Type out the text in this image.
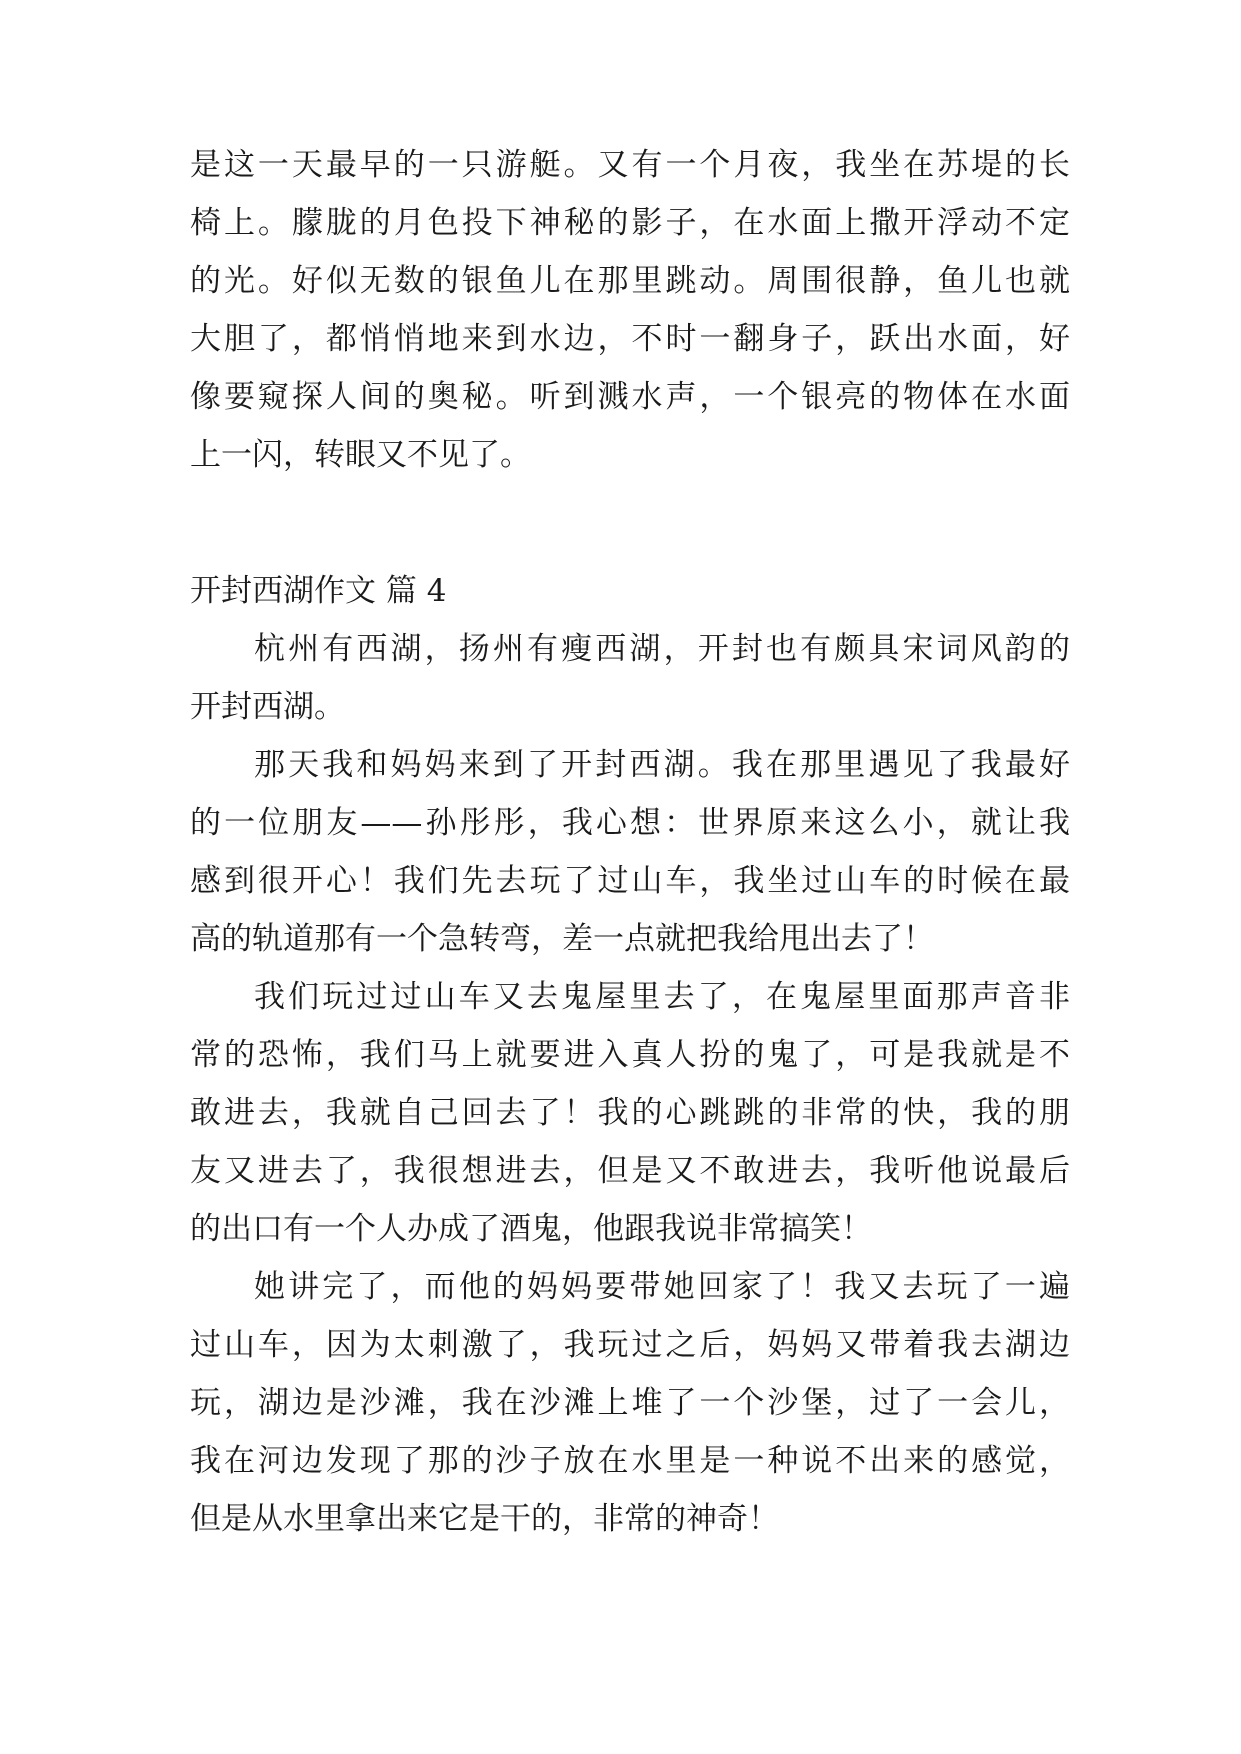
是这一天最早的一只游艇。又有一个月夜，我坐在苏堤的长
椅上。朦胧的月色投下神秘的影子，在水面上撒开浮动不定
的光。好似无数的银鱼儿在那里跳动。周围很静，鱼儿也就
大胆了，都悄悄地来到水边，不时一翻身子，跃出水面，好
像要窥探人间的奥秘。听到溅水声，一个银亮的物体在水面
上一闪，转眼又不见了。
开封西湖作文 篇 4
杭州有西湖，扬州有瘦西湖，开封也有颇具宋词风韵的
开封西湖。
那天我和妈妈来到了开封西湖。我在那里遇见了我最好
的一位朋友——孙彤彤，我心想：世界原来这么小，就让我
感到很开心！我们先去玩了过山车，我坐过山车的时候在最
高的轨道那有一个急转弯，差一点就把我给甩出去了！
我们玩过过山车又去鬼屋里去了，在鬼屋里面那声音非
常的恐怖，我们马上就要进入真人扮的鬼了，可是我就是不
敢进去，我就自己回去了！我的心跳跳的非常的快，我的朋
友又进去了，我很想进去，但是又不敢进去，我听他说最后
的出口有一个人办成了酒鬼，他跟我说非常搞笑！
她讲完了，而他的妈妈要带她回家了！我又去玩了一遍
过山车，因为太刺激了，我玩过之后，妈妈又带着我去湖边
玩，湖边是沙滩，我在沙滩上堆了一个沙堡，过了一会儿，
我在河边发现了那的沙子放在水里是一种说不出来的感觉，
但是从水里拿出来它是干的，非常的神奇！
